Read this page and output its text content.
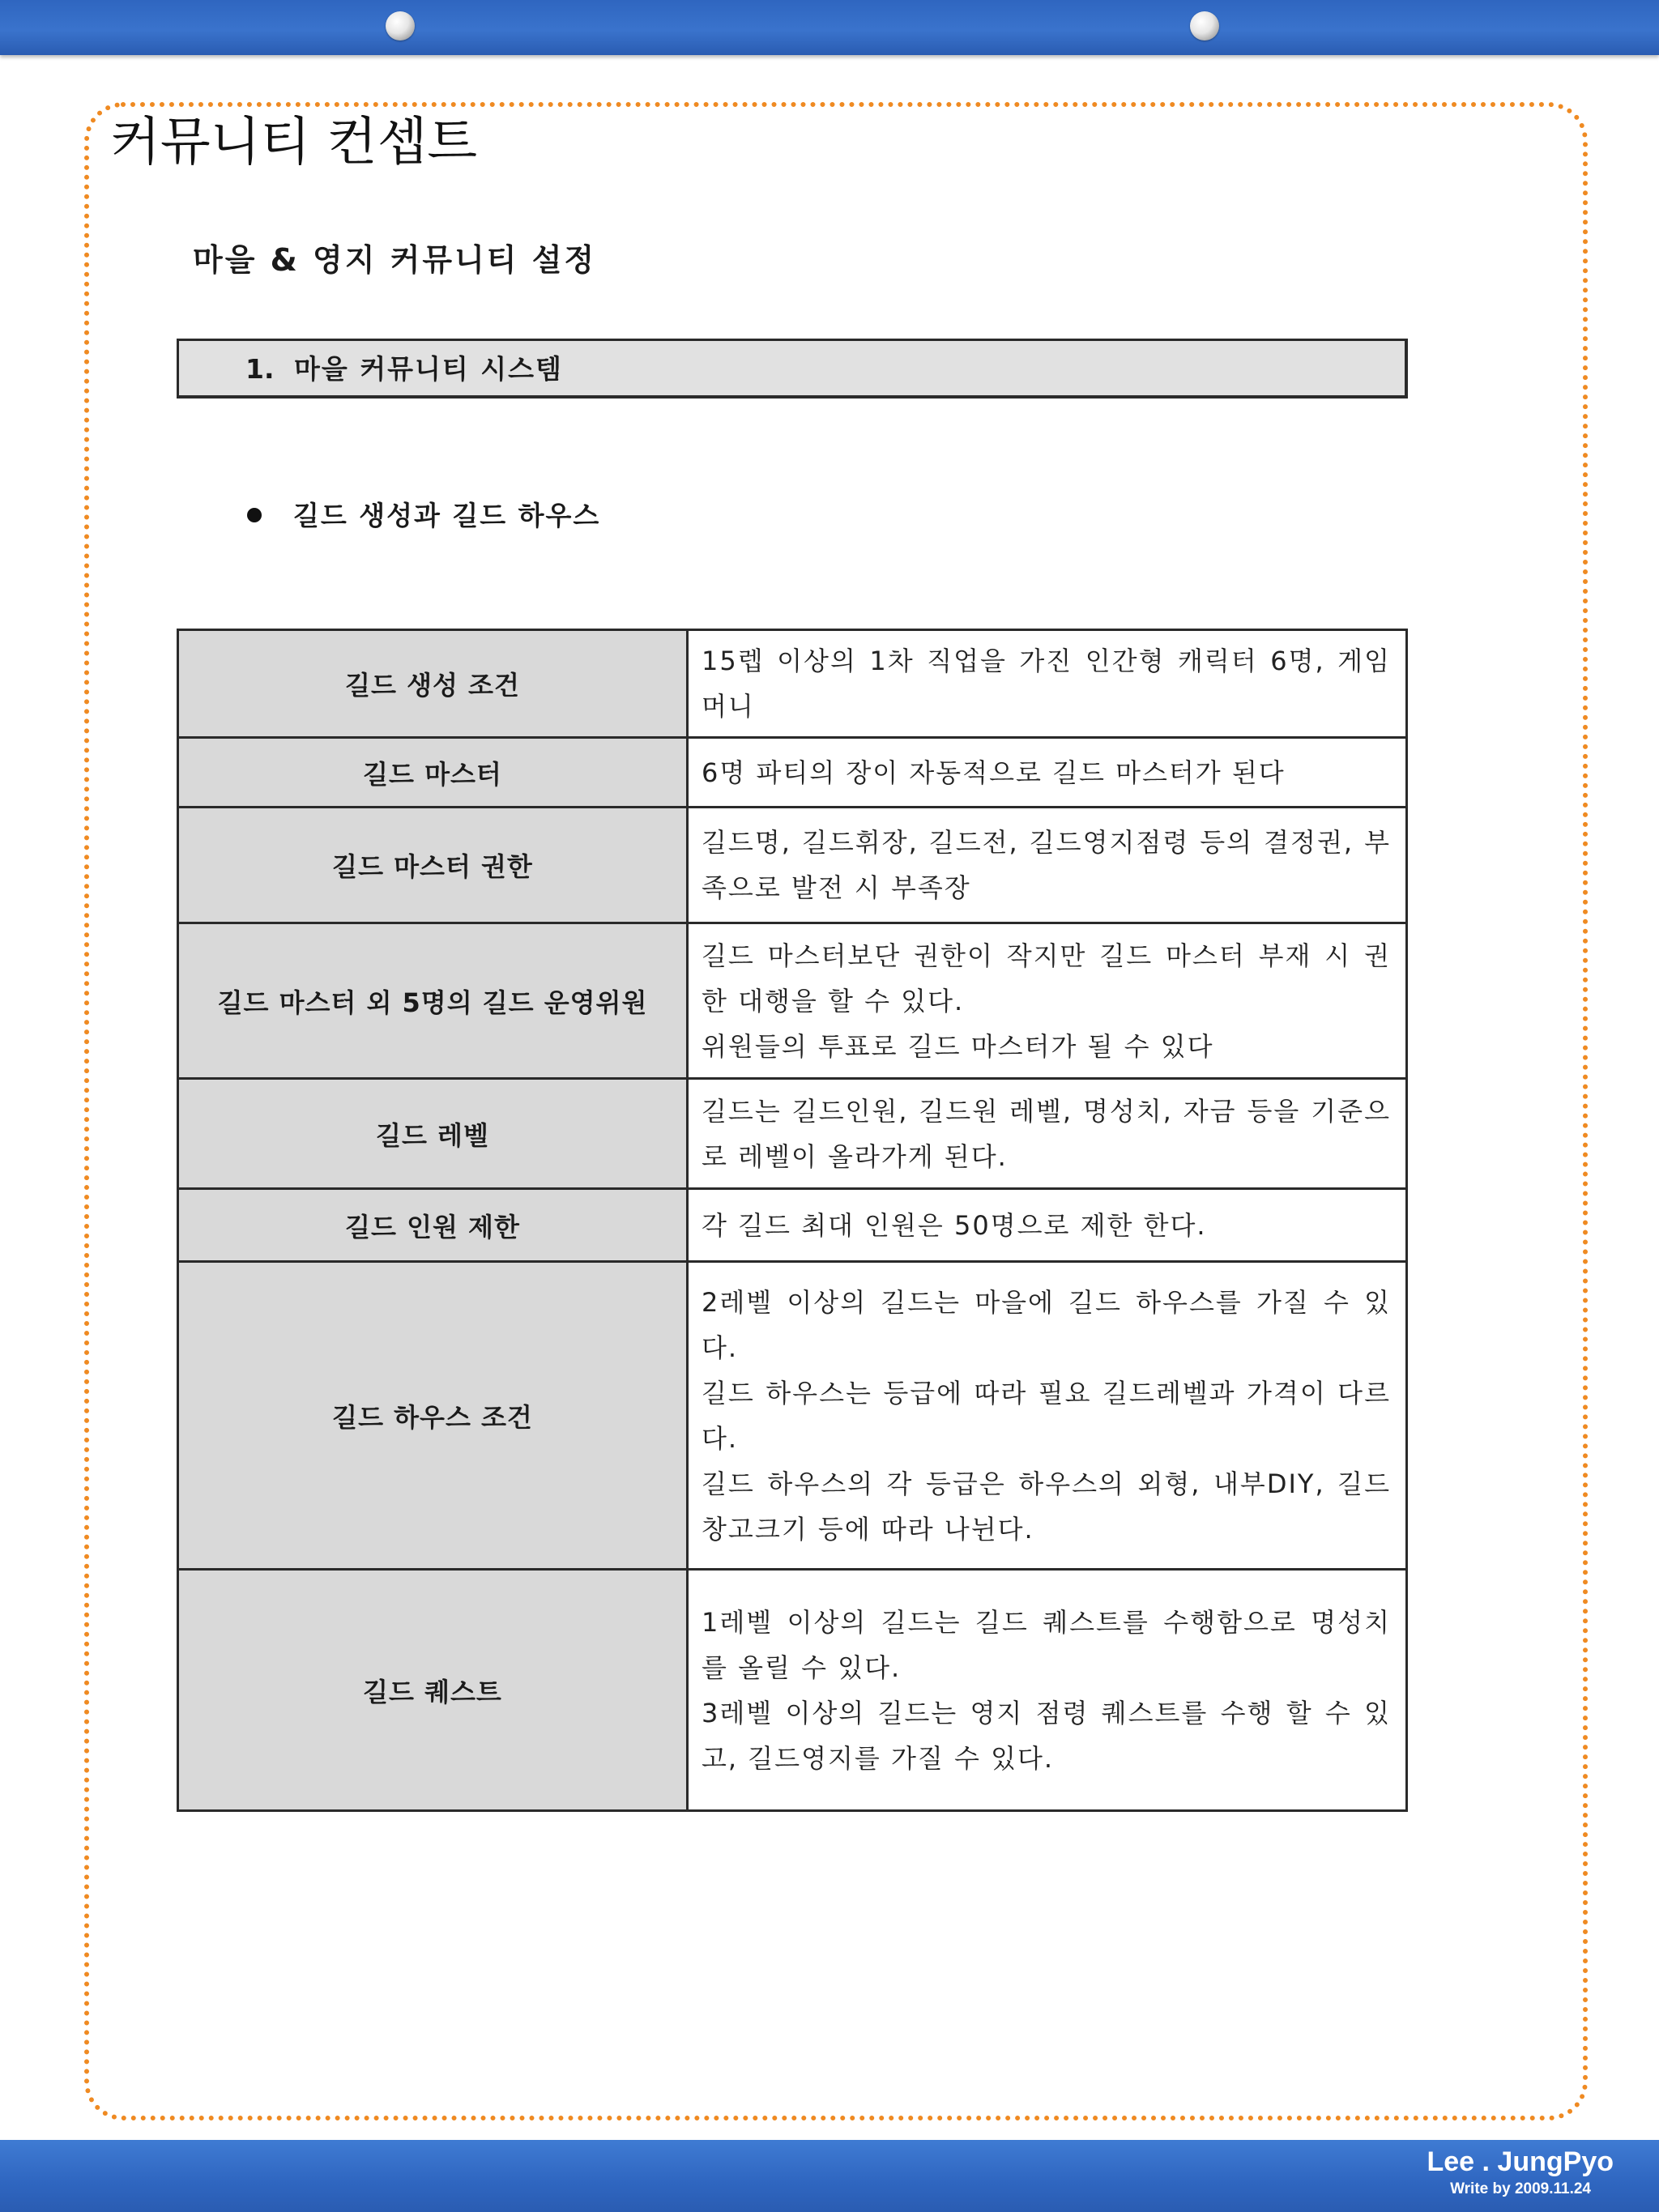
커뮤니티 컨셉트
마을 & 영지 커뮤니티 설정
1. 마을 커뮤니티 시스템
길드 생성과 길드 하우스
길드 생성 조건	15렙 이상의 1차 직업을 가진 인간형 캐릭터 6명, 게임머니
길드 마스터	6명 파티의 장이 자동적으로 길드 마스터가 된다
길드 마스터 권한	길드명, 길드휘장, 길드전, 길드영지점령 등의 결정권, 부족으로 발전 시 부족장
길드 마스터 외 5명의 길드 운영위원	길드 마스터보단 권한이 작지만 길드 마스터 부재 시 권한 대행을 할 수 있다.
위원들의 투표로 길드 마스터가 될 수 있다

길드 레벨	길드는 길드인원, 길드원 레벨, 명성치, 자금 등을 기준으로 레벨이 올라가게 된다.
길드 인원 제한	각 길드 최대 인원은 50명으로 제한 한다.
길드 하우스 조건	2레벨 이상의 길드는 마을에 길드 하우스를 가질 수 있다.
길드 하우스는 등급에 따라 필요 길드레벨과 가격이 다르다.
길드 하우스의 각 등급은 하우스의 외형, 내부DIY, 길드 창고크기 등에 따라 나뉜다.

길드 퀘스트	1레벨 이상의 길드는 길드 퀘스트를 수행함으로 명성치를 올릴 수 있다.
3레벨 이상의 길드는 영지 점령 퀘스트를 수행 할 수 있고, 길드영지를 가질 수 있다.
Lee . JungPyo
Write by 2009.11.24
